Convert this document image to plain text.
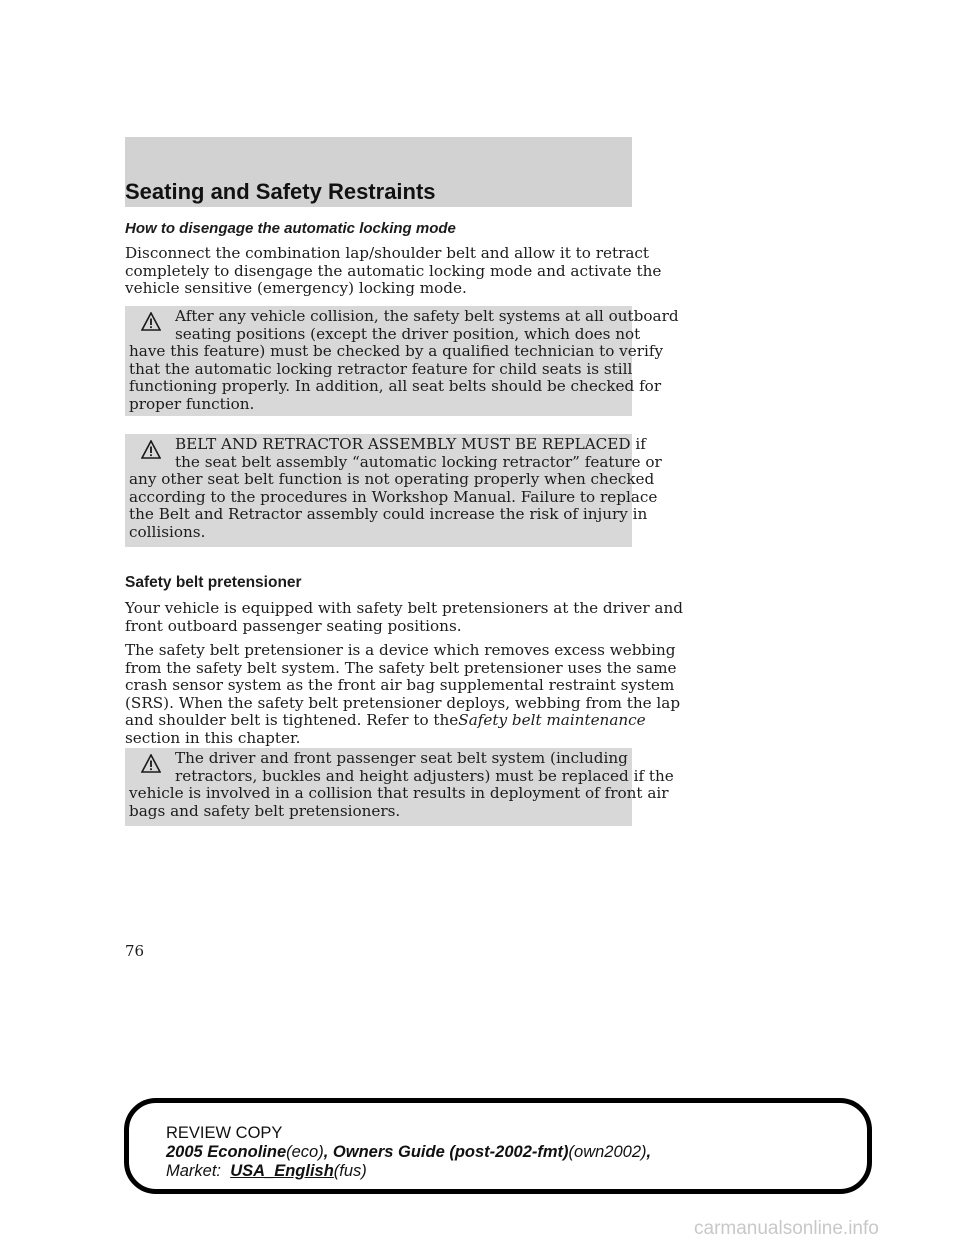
Seating and Safety Restraints
How to disengage the automatic locking mode

Disconnect the combination lap/shoulder belt and allow it to retract
completely to disengage the automatic locking mode and activate the
vehicle sensitive (emergency) locking mode.

After any vehicle collision, the safety belt systems at all outboard
seating positions (except the driver position, which does not
have this feature) must be checked by a qualified technician to verify
that the automatic locking retractor feature for child seats is still
functioning properly. In addition, all seat belts should be checked for
proper function.

BELT AND RETRACTOR ASSEMBLY MUST BE REPLACED if
the seat belt assembly “automatic locking retractor” feature or
any other seat belt function is not operating properly when checked
according to the procedures in Workshop Manual. Failure to replace
the Belt and Retractor assembly could increase the risk of injury in
collisions.

Safety belt pretensioner

Your vehicle is equipped with safety belt pretensioners at the driver and
front outboard passenger seating positions.

The safety belt pretensioner is a device which removes excess webbing
from the safety belt system. The safety belt pretensioner uses the same
crash sensor system as the front air bag supplemental restraint system
(SRS). When the safety belt pretensioner deploys, webbing from the lap
and shoulder belt is tightened. Refer to theSafety belt maintenance
section in this chapter.

The driver and front passenger seat belt system (including
retractors, buckles and height adjusters) must be replaced if the
vehicle is involved in a collision that results in deployment of front air
bags and safety belt pretensioners.

76
REVIEW COPY
2005 Econoline(eco), Owners Guide (post-2002-fmt)(own2002),
Market: USA_English(fus)
carmanualsonline.info
